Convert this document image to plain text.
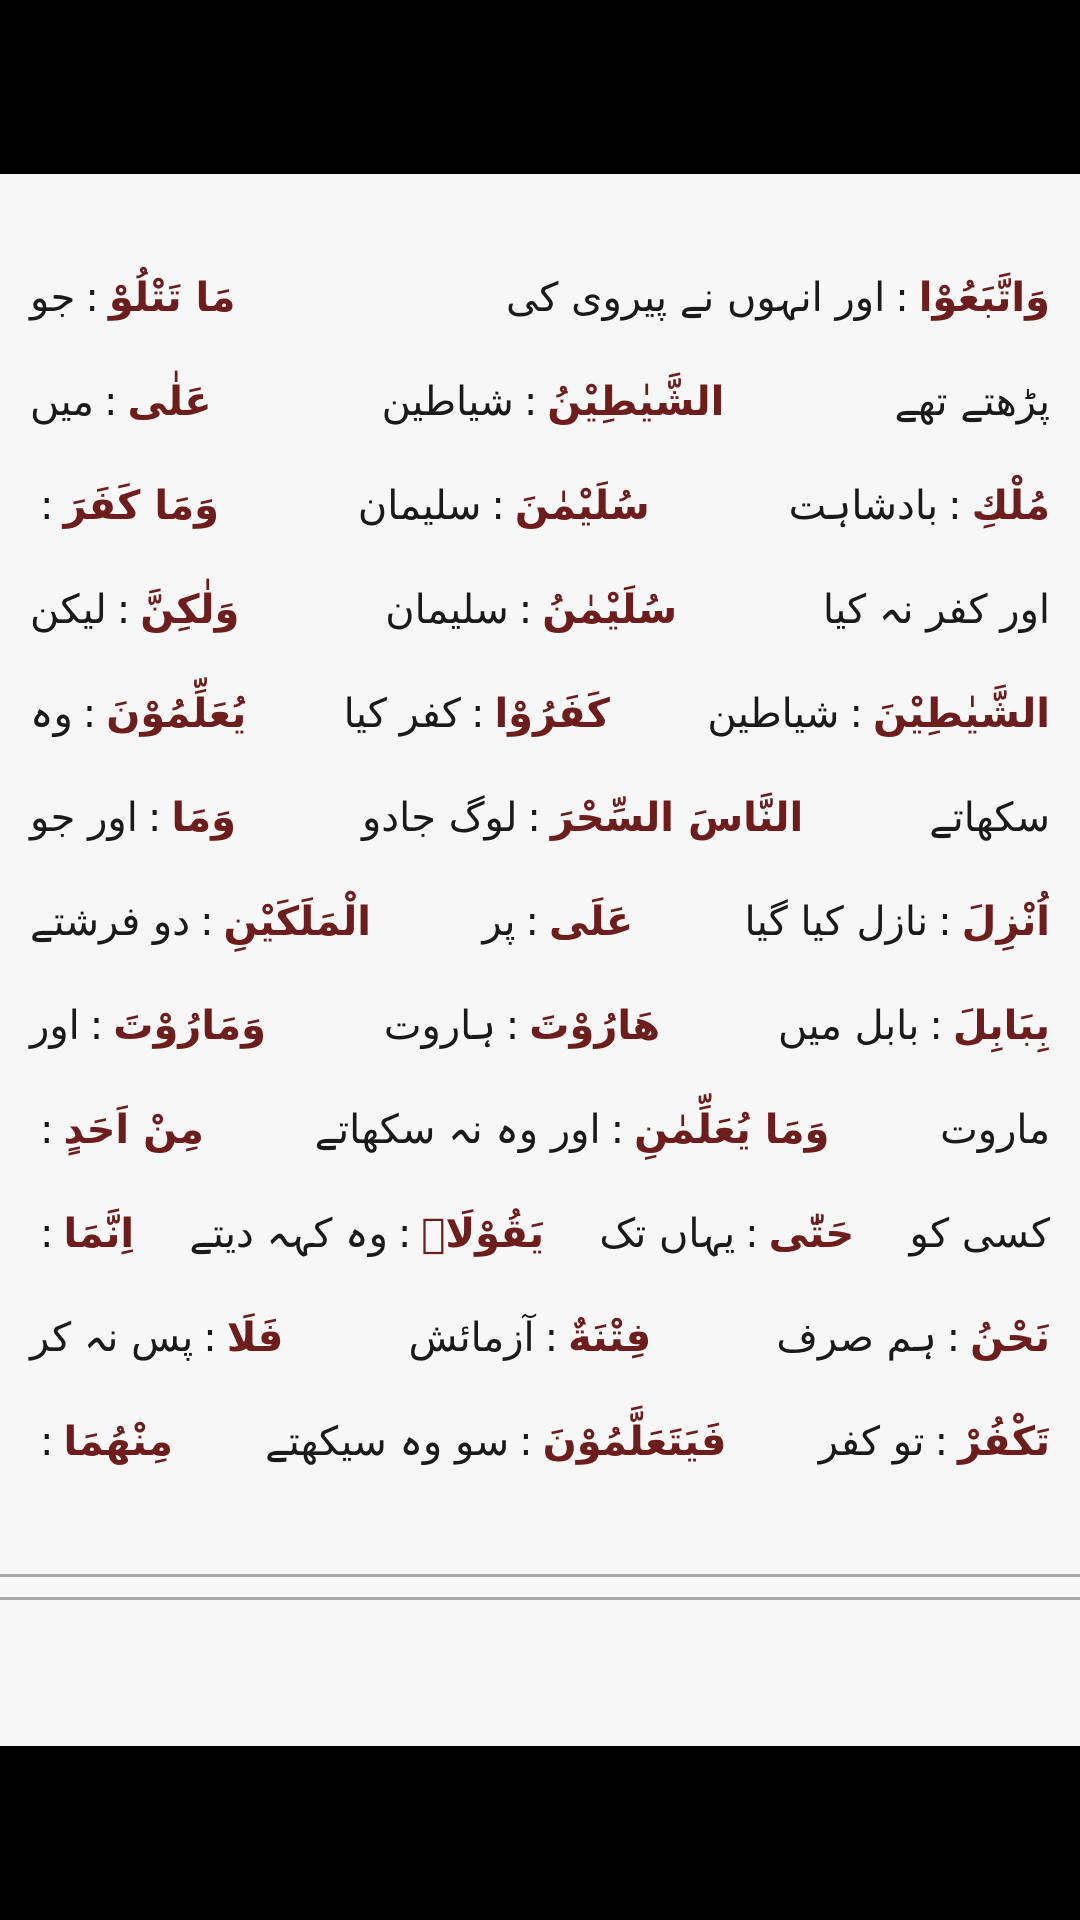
وَاتَّبَعُوْا
:
اور انہوں نے پیروی کی
مَا تَتْلُوْ
:
جو
پڑھتے تھے
الشَّيٰطِيْنُ
:
شیاطین
عَلٰى
:
میں
مُلْكِ
:
بادشاہت
سُلَيْمٰنَ
:
سلیمان
وَمَا كَفَرَ
:
اور کفر نہ کیا
سُلَيْمٰنُ
:
سلیمان
وَلٰكِنَّ
:
لیکن
الشَّيٰطِيْنَ
:
شیاطین
كَفَرُوْا
:
کفر کیا
يُعَلِّمُوْنَ
:
وہ
سکھاتے
النَّاسَ السِّحْرَ
:
لوگ جادو
وَمَا
:
اور جو
اُنْزِلَ
:
نازل کیا گیا
عَلَى
:
پر
الْمَلَكَيْنِ
:
دو فرشتے
بِبَابِلَ
:
بابل میں
هَارُوْتَ
:
ہاروت
وَمَارُوْتَ
:
اور
ماروت
وَمَا يُعَلِّمٰنِ
:
اور وہ نہ سکھاتے
مِنْ اَحَدٍ
:
کسی کو
حَتّٰى
:
یہاں تک
يَقُوْلَاۤ
:
وہ کہہ دیتے
اِنَّمَا
:
نَحْنُ
:
ہم صرف
فِتْنَةٌ
:
آزمائش
فَلَا
:
پس نہ کر
تَكْفُرْ
:
تو کفر
فَيَتَعَلَّمُوْنَ
:
سو وہ سیکھتے
مِنْهُمَا
:
